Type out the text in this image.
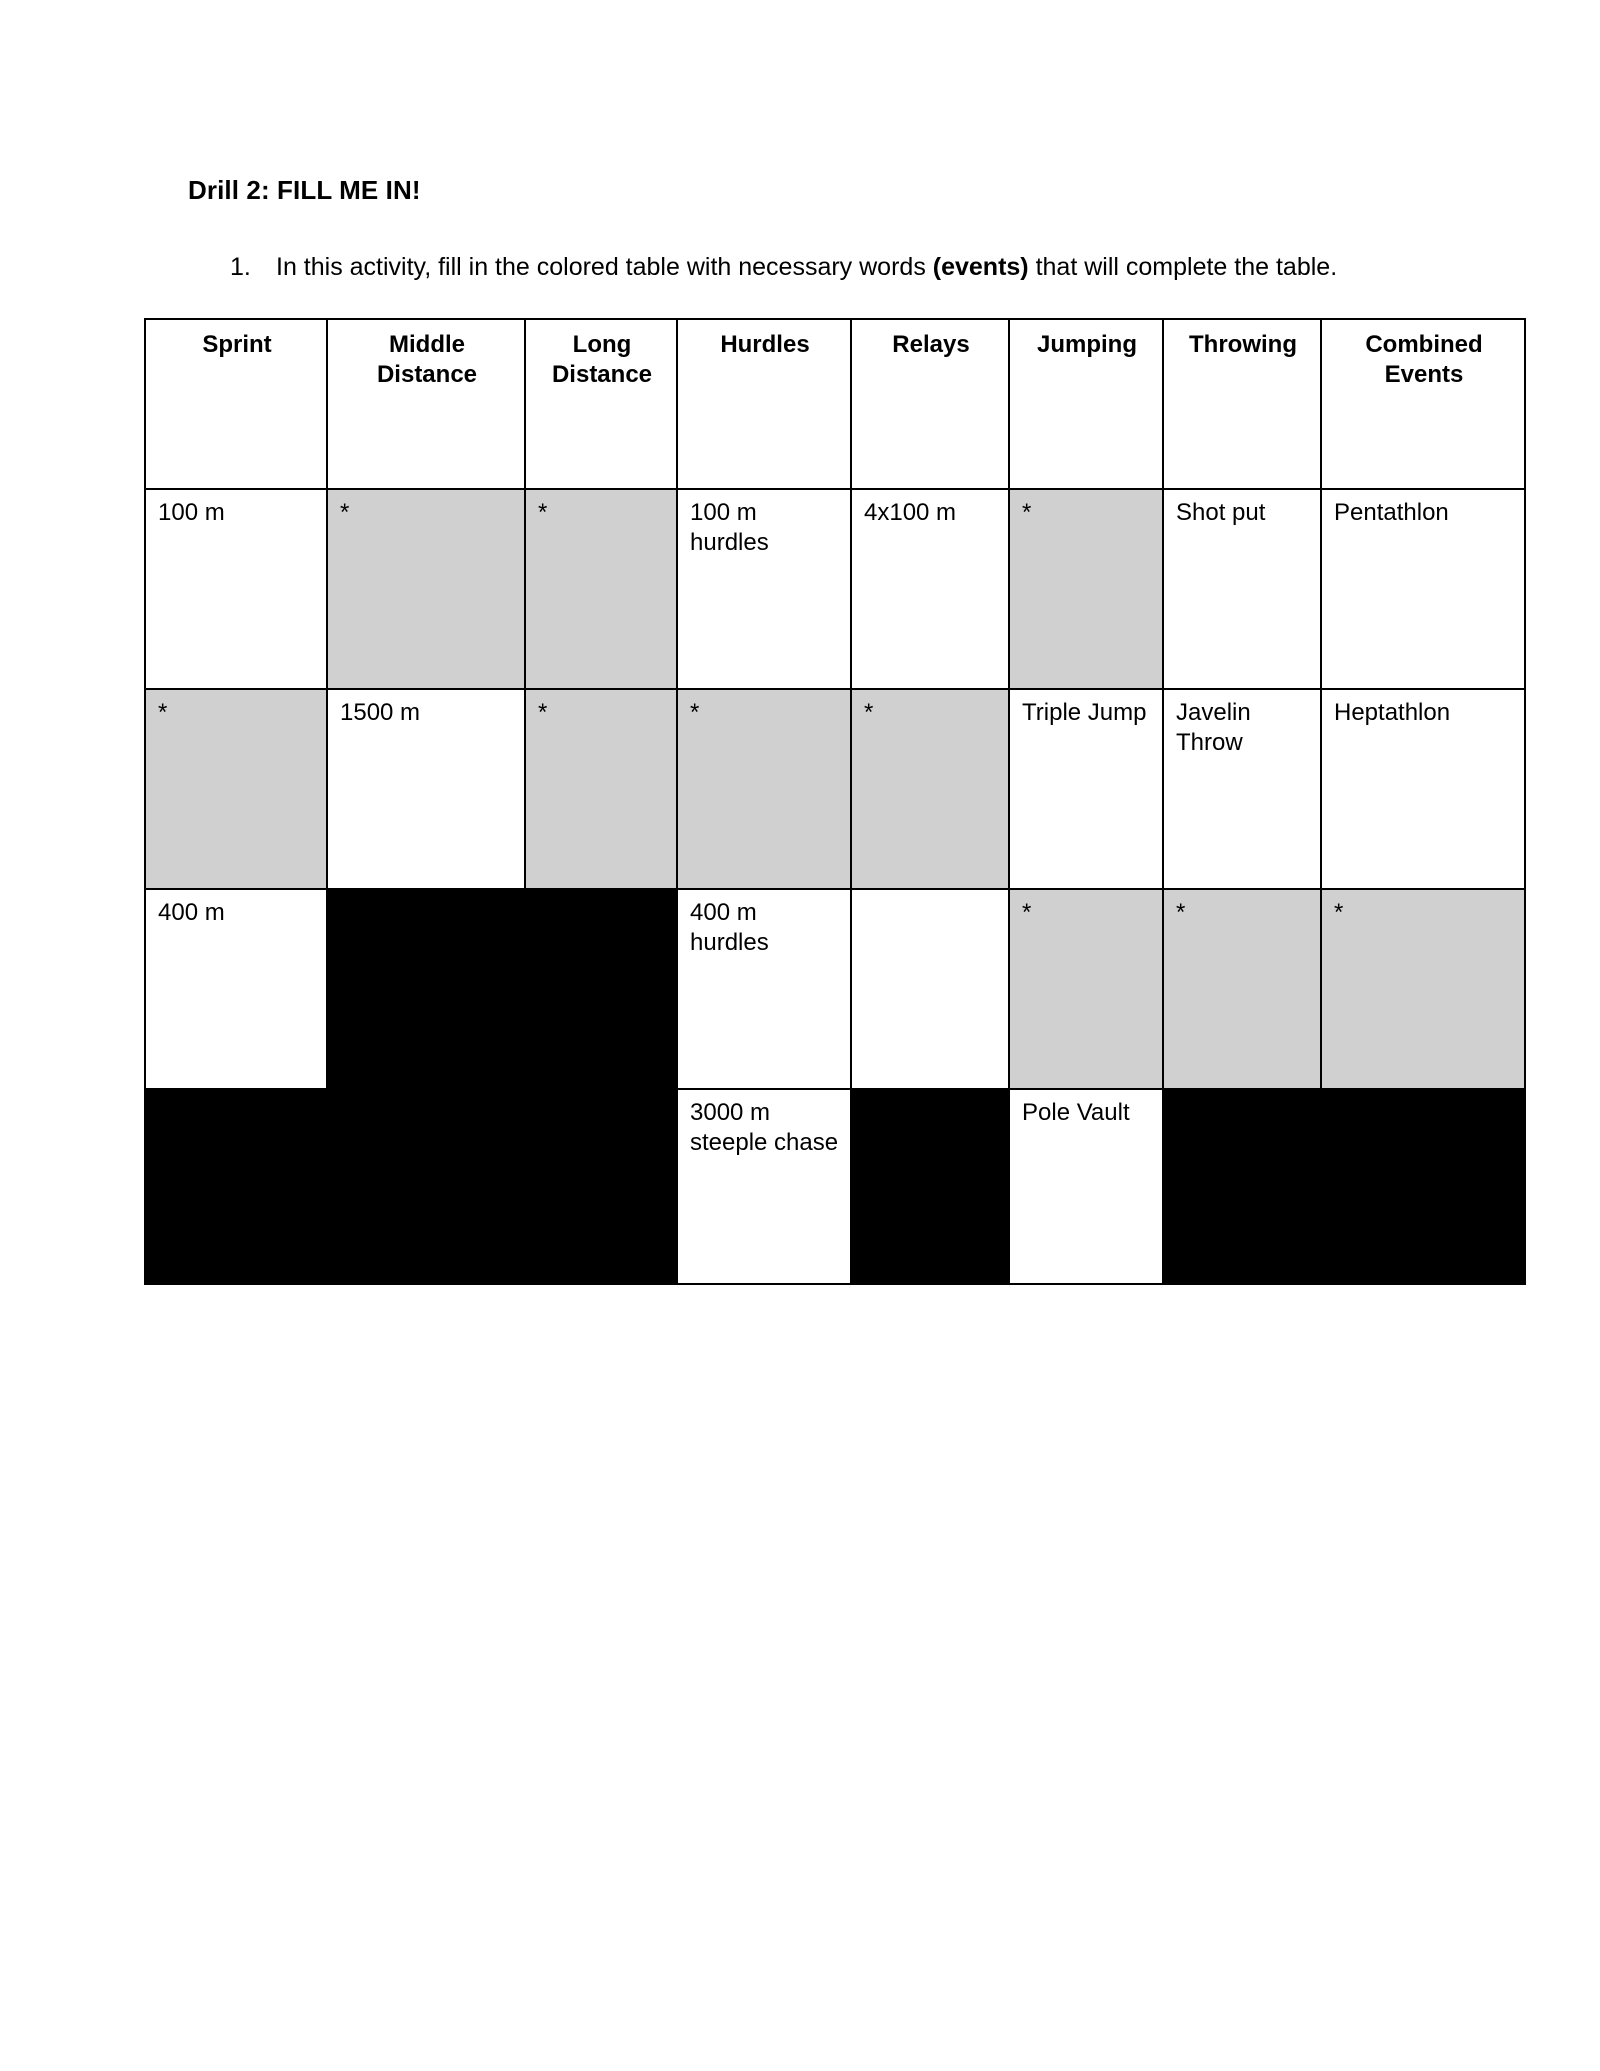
Drill 2: FILL ME IN!
1.	In this activity, fill in the colored table with necessary words (events) that will complete the table.
Sprint	Middle Distance	Long Distance	Hurdles	Relays	Jumping	Throwing	Combined Events
100 m	*	*	100 m hurdles	4x100 m	*	Shot put	Pentathlon
*	1500 m	*	*	*	Triple Jump	Javelin Throw	Heptathlon
400 m			400 m hurdles		*	*	*
			3000 m steeple chase		Pole Vault		
